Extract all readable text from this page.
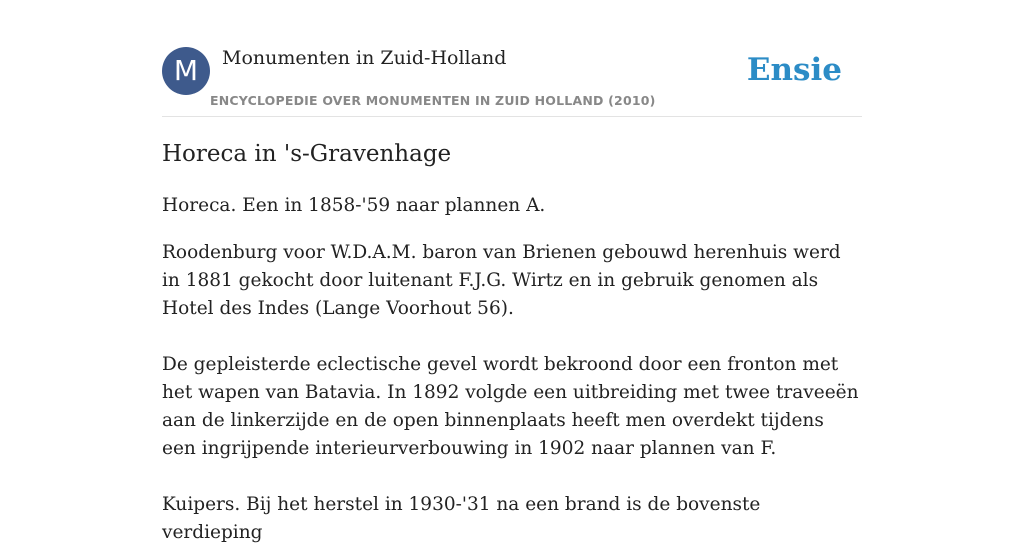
M	Monumenten in Zuid-Holland
ENCYCLOPEDIE OVER MONUMENTEN IN ZUID HOLLAND (2010)
Ensie
Horeca in 's-Gravenhage

Horeca. Een in 1858-'59 naar plannen A.

Roodenburg voor W.D.A.M. baron van Brienen gebouwd herenhuis werd in 1881 gekocht door luitenant F.J.G. Wirtz en in gebruik genomen als Hotel des Indes (Lange Voorhout 56).

De gepleisterde eclectische gevel wordt bekroond door een fronton met het wapen van Batavia. In 1892 volgde een uitbreiding met twee traveeën aan de linkerzijde en de open binnenplaats heeft men overdekt tijdens een ingrijpende interieurverbouwing in 1902 naar plannen van F.

Kuipers. Bij het herstel in 1930-'31 na een brand is de bovenste verdieping
